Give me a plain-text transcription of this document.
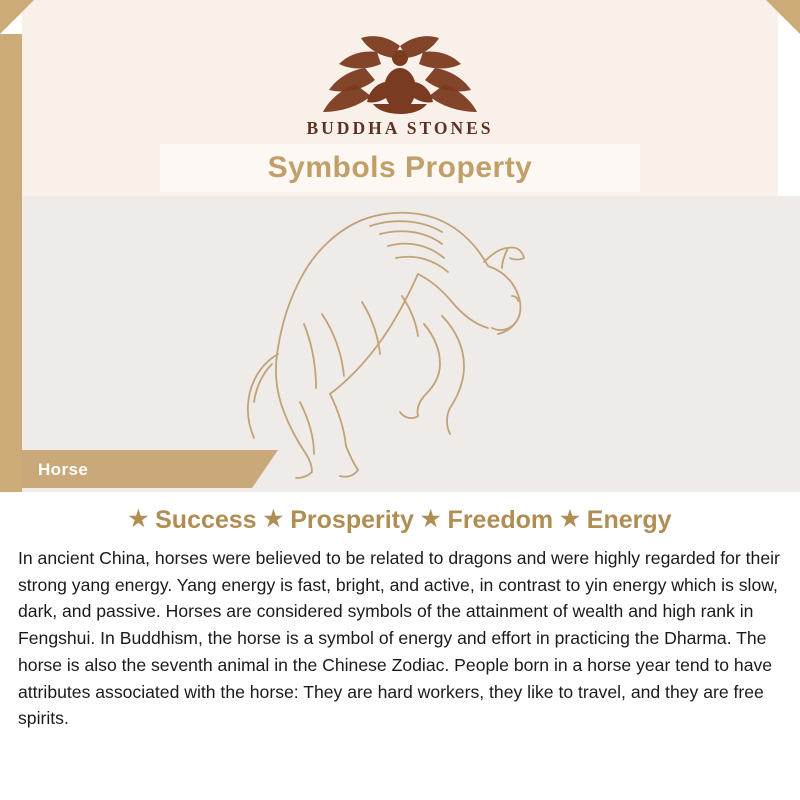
BUDDHA STONES
Symbols Property
Horse
★ Success ★ Prosperity ★ Freedom ★ Energy

In ancient China, horses were believed to be related to dragons and were highly regarded for their strong yang energy. Yang energy is fast, bright, and active, in contrast to yin energy which is slow, dark, and passive. Horses are considered symbols of the attainment of wealth and high rank in Fengshui. In Buddhism, the horse is a symbol of energy and effort in practicing the Dharma. The horse is also the seventh animal in the Chinese Zodiac. People born in a horse year tend to have attributes associated with the horse: They are hard workers, they like to travel, and they are free spirits.
